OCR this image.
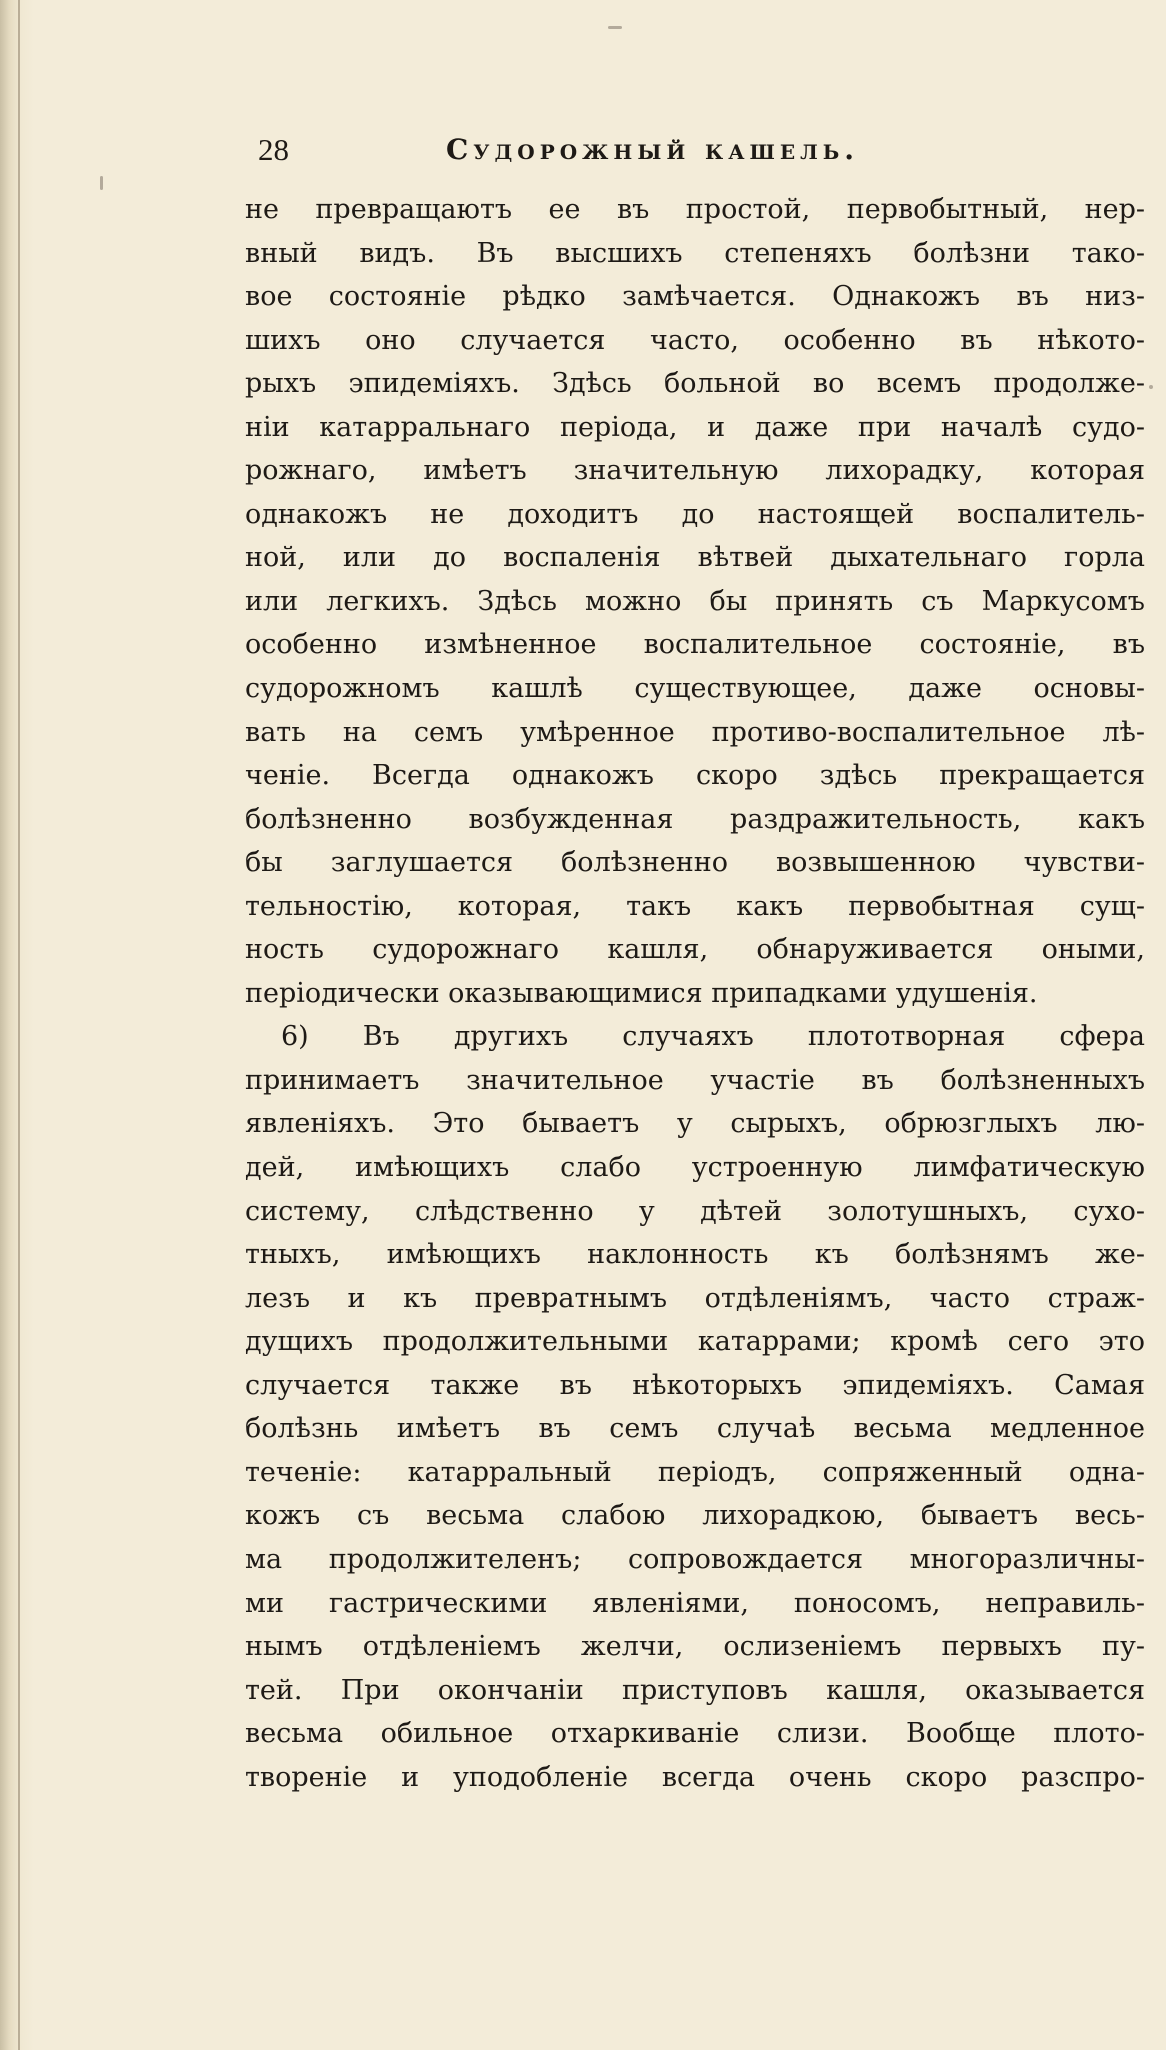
28	Судорожный кашель.
не превращаютъ ее въ простой, первобытный, нер-
вный видъ. Въ высшихъ степеняхъ болѣзни тако-
вое состояніе рѣдко замѣчается. Однакожъ въ низ-
шихъ оно случается часто, особенно въ нѣкото-
рыхъ эпидеміяхъ. Здѣсь больной во всемъ продолже-
ніи катарральнаго періода, и даже при началѣ судо-
рожнаго, имѣетъ значительную лихорадку, которая
однакожъ не доходитъ до настоящей воспалитель-
ной, или до воспаленія вѣтвей дыхательнаго горла
или легкихъ. Здѣсь можно бы принять съ Маркусомъ
особенно измѣненное воспалительное состояніе, въ
судорожномъ кашлѣ существующее, даже основы-
вать на семъ умѣренное противо-воспалительное лѣ-
ченіе. Всегда однакожъ скоро здѣсь прекращается
болѣзненно возбужденная раздражительность, какъ
бы заглушается болѣзненно возвышенною чувстви-
тельностію, которая, такъ какъ первобытная сущ-
ность судорожнаго кашля, обнаруживается оными,
періодически оказывающимися припадками удушенія.
6) Въ другихъ случаяхъ плототворная сфера
принимаетъ значительное участіе въ болѣзненныхъ
явленіяхъ. Это бываетъ у сырыхъ, обрюзглыхъ лю-
дей, имѣющихъ слабо устроенную лимфатическую
систему, слѣдственно у дѣтей золотушныхъ, сухо-
тныхъ, имѣющихъ наклонность къ болѣзнямъ же-
лезъ и къ превратнымъ отдѣленіямъ, часто страж-
дущихъ продолжительными катаррами; кромѣ сего это
случается также въ нѣкоторыхъ эпидеміяхъ. Самая
болѣзнь имѣетъ въ семъ случаѣ весьма медленное
теченіе: катарральный періодъ, сопряженный одна-
кожъ съ весьма слабою лихорадкою, бываетъ весь-
ма продолжителенъ; сопровождается многоразличны-
ми гастрическими явленіями, поносомъ, неправиль-
нымъ отдѣленіемъ желчи, ослизеніемъ первыхъ пу-
тей. При окончаніи приступовъ кашля, оказывается
весьма обильное отхаркиваніе слизи. Вообще плото-
твореніе и уподобленіе всегда очень скоро разспро-
